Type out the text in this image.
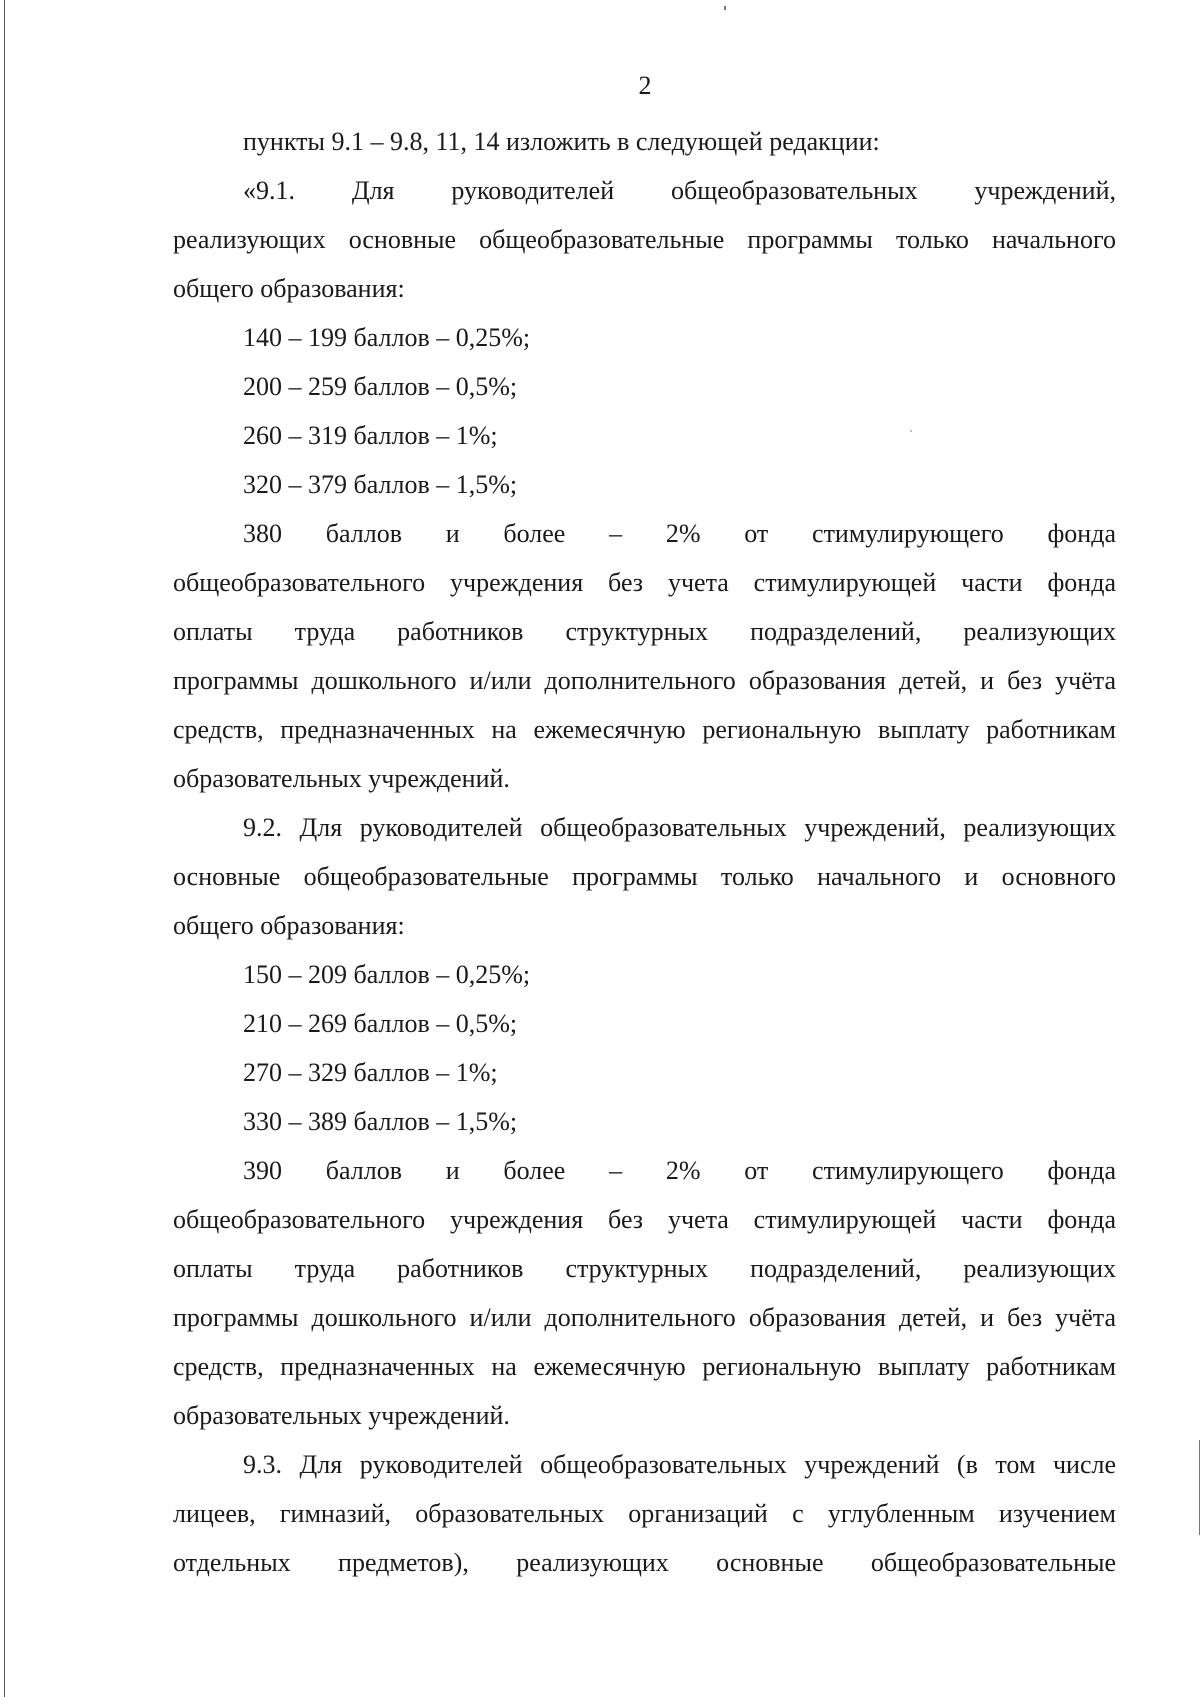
2
пункты 9.1 – 9.8, 11, 14 изложить в следующей редакции:
«9.1. Для руководителей общеобразовательных учреждений,
реализующих основные общеобразовательные программы только начального
общего образования:
140 – 199 баллов – 0,25%;
200 – 259 баллов – 0,5%;
260 – 319 баллов – 1%;
320 – 379 баллов – 1,5%;
380 баллов и более – 2% от стимулирующего фонда
общеобразовательного учреждения без учета стимулирующей части фонда
оплаты труда работников структурных подразделений, реализующих
программы дошкольного и/или дополнительного образования детей, и без учёта
средств, предназначенных на ежемесячную региональную выплату работникам
образовательных учреждений.
9.2. Для руководителей общеобразовательных учреждений, реализующих
основные общеобразовательные программы только начального и основного
общего образования:
150 – 209 баллов – 0,25%;
210 – 269 баллов – 0,5%;
270 – 329 баллов – 1%;
330 – 389 баллов – 1,5%;
390 баллов и более – 2% от стимулирующего фонда
общеобразовательного учреждения без учета стимулирующей части фонда
оплаты труда работников структурных подразделений, реализующих
программы дошкольного и/или дополнительного образования детей, и без учёта
средств, предназначенных на ежемесячную региональную выплату работникам
образовательных учреждений.
9.3. Для руководителей общеобразовательных учреждений (в том числе
лицеев, гимназий, образовательных организаций с углубленным изучением
отдельных предметов), реализующих основные общеобразовательные
